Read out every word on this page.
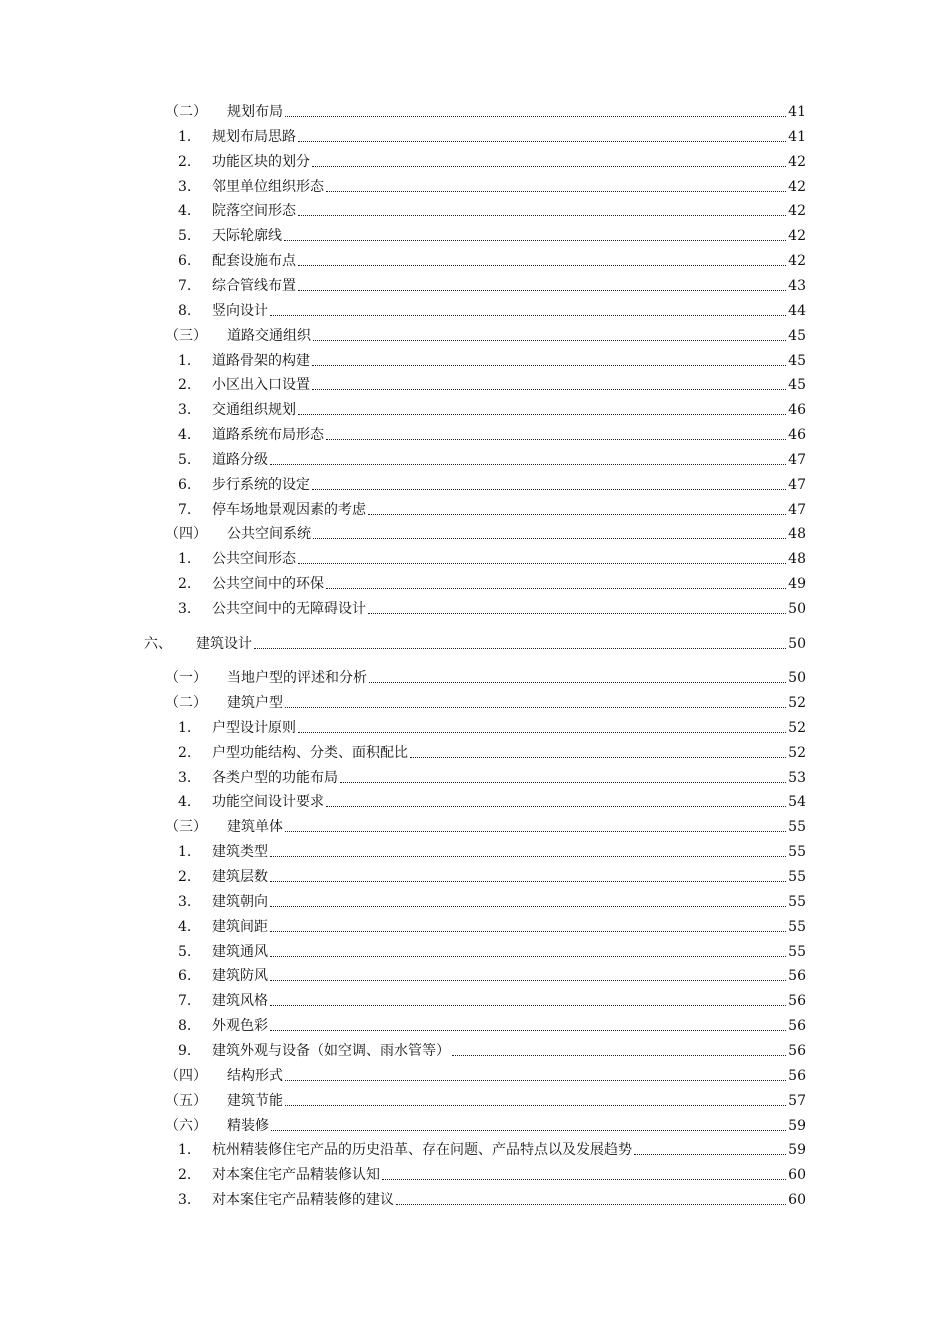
（二）	规划布局	41
1.	规划布局思路	41
2.	功能区块的划分	42
3.	邻里单位组织形态	42
4.	院落空间形态	42
5.	天际轮廓线	42
6.	配套设施布点	42
7.	综合管线布置	43
8.	竖向设计	44
（三）	道路交通组织	45
1.	道路骨架的构建	45
2.	小区出入口设置	45
3.	交通组织规划	46
4.	道路系统布局形态	46
5.	道路分级	47
6.	步行系统的设定	47
7.	停车场地景观因素的考虑	47
（四）	公共空间系统	48
1.	公共空间形态	48
2.	公共空间中的环保	49
3.	公共空间中的无障碍设计	50
六、	建筑设计	50
（一）	当地户型的评述和分析	50
（二）	建筑户型	52
1.	户型设计原则	52
2.	户型功能结构、分类、面积配比	52
3.	各类户型的功能布局	53
4.	功能空间设计要求	54
（三）	建筑单体	55
1.	建筑类型	55
2.	建筑层数	55
3.	建筑朝向	55
4.	建筑间距	55
5.	建筑通风	55
6.	建筑防风	56
7.	建筑风格	56
8.	外观色彩	56
9.	建筑外观与设备（如空调、雨水管等）	56
（四）	结构形式	56
（五）	建筑节能	57
（六）	精装修	59
1.	杭州精装修住宅产品的历史沿革、存在问题、产品特点以及发展趋势	59
2.	对本案住宅产品精装修认知	60
3.	对本案住宅产品精装修的建议	60
